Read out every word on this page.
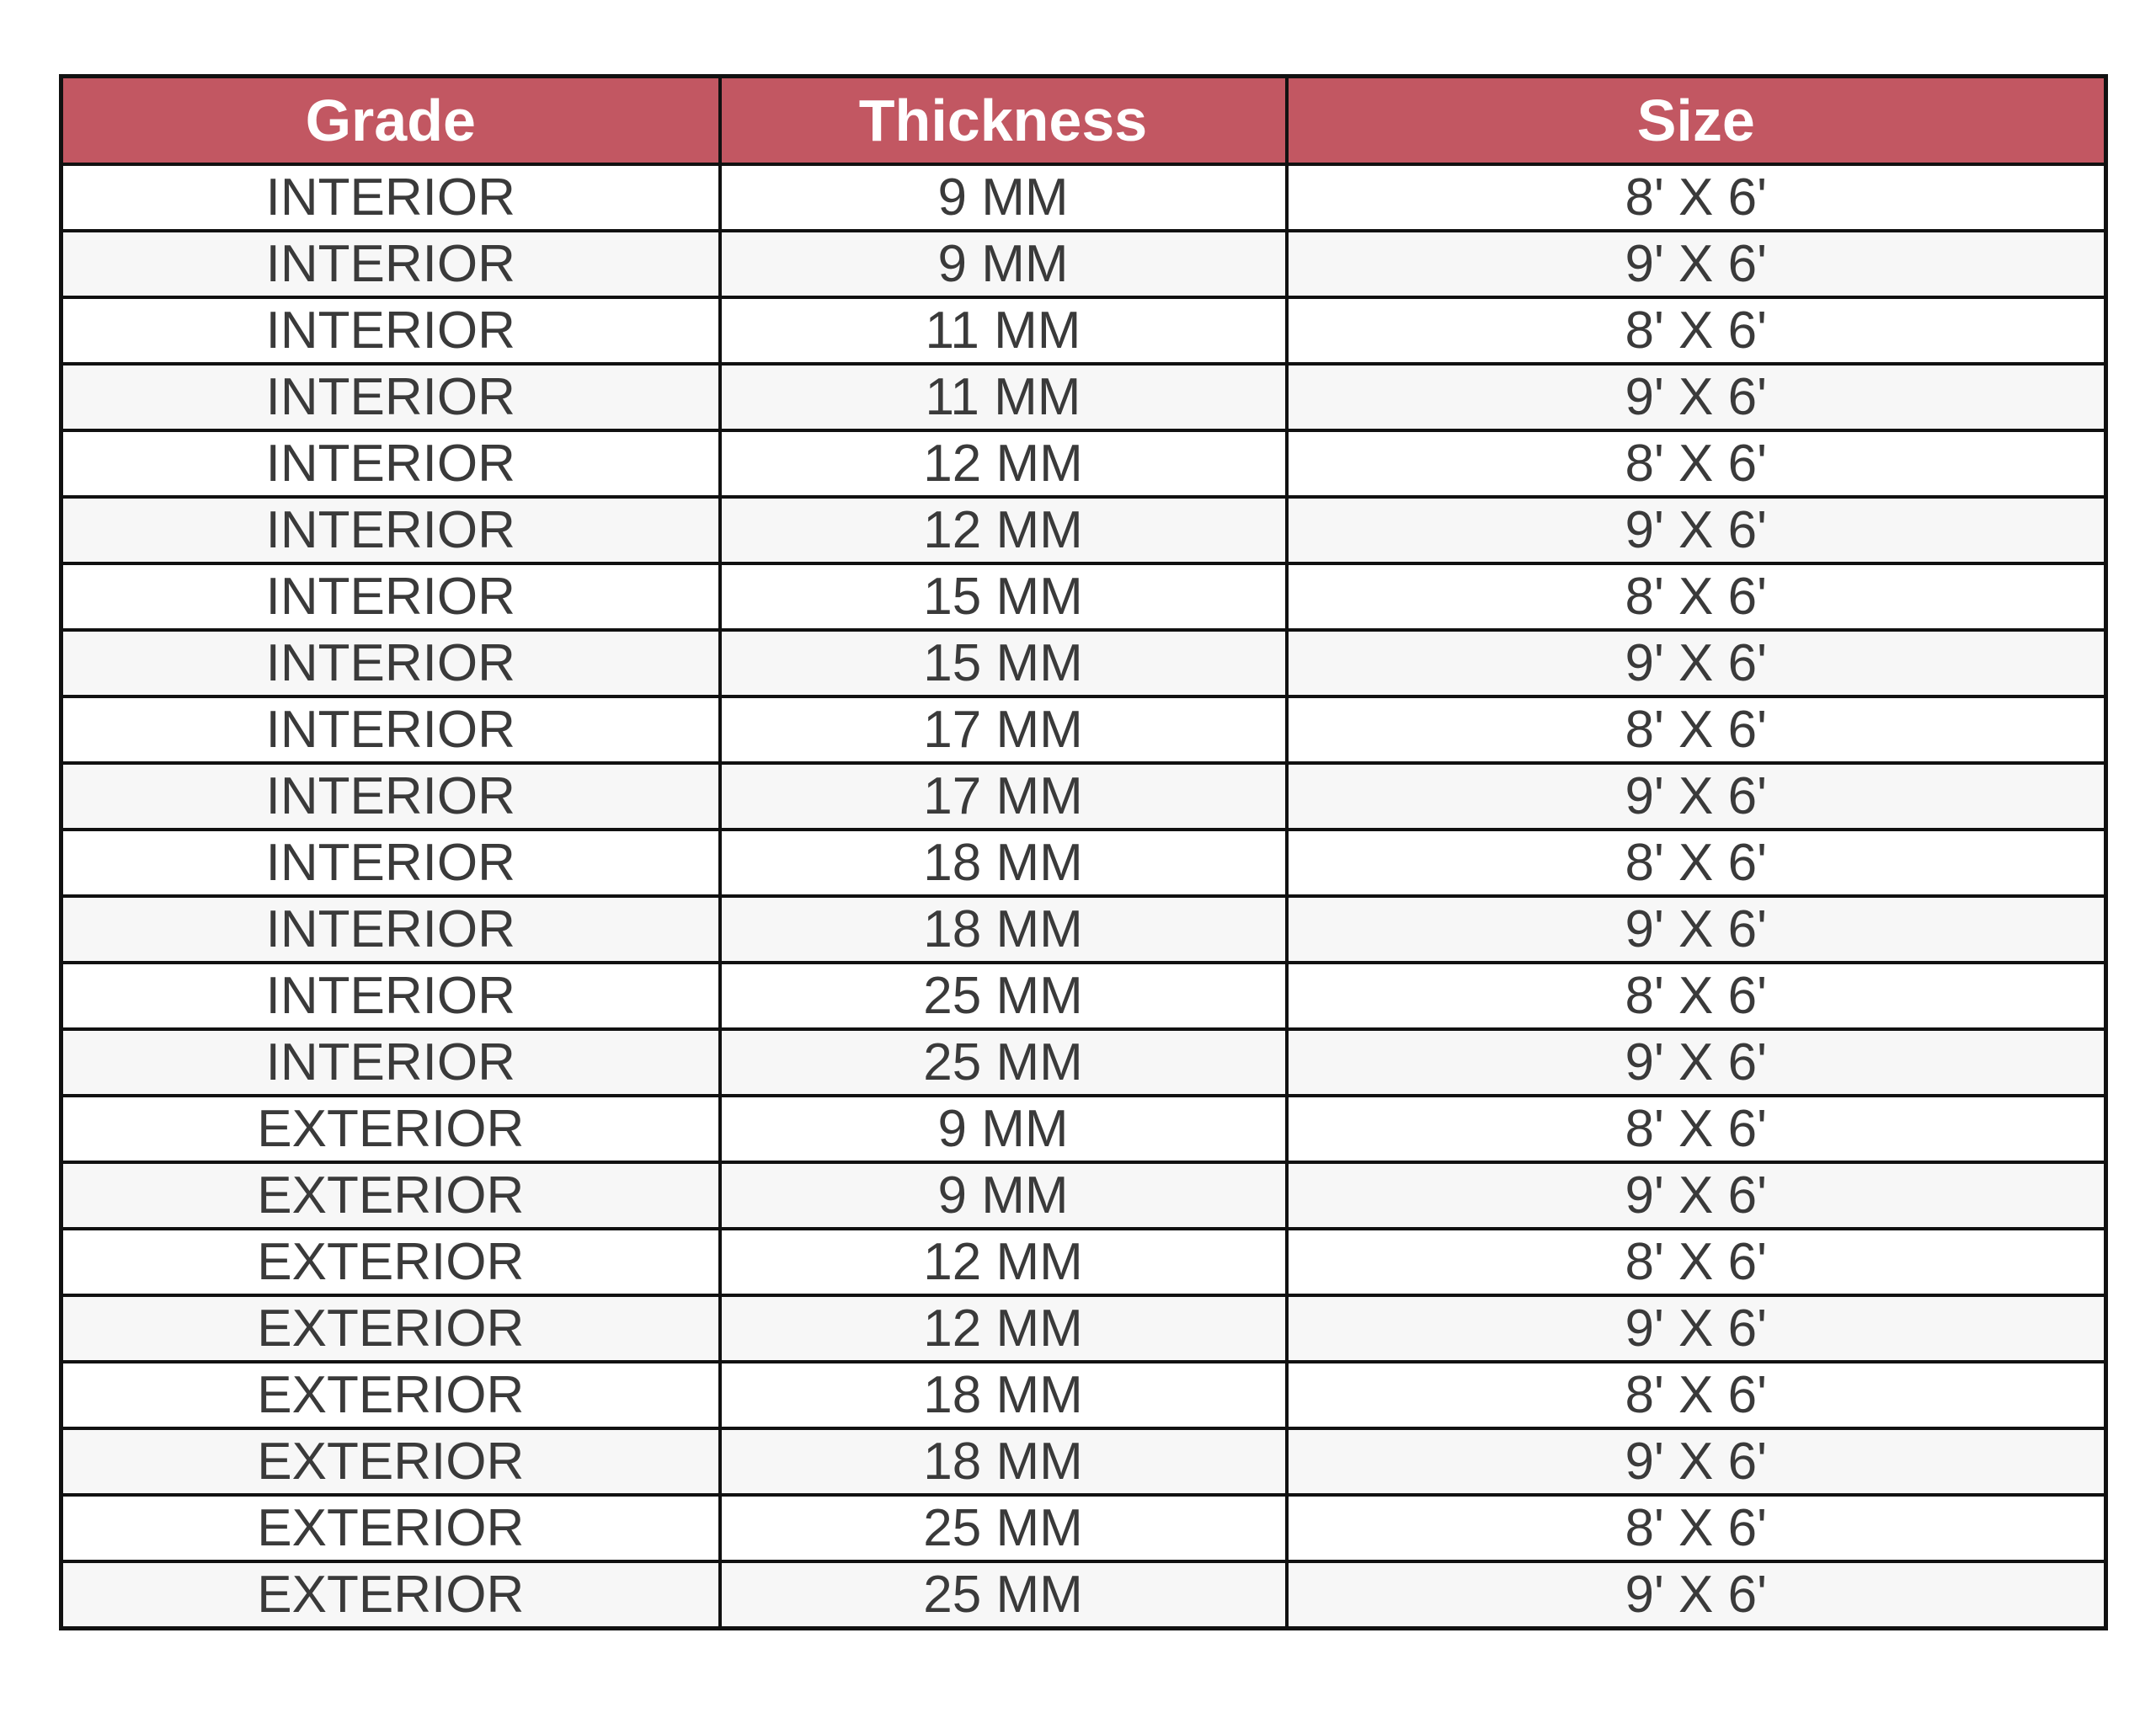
Grade	Thickness	Size
INTERIOR	9 MM	8' X 6'
INTERIOR	9 MM	9' X 6'
INTERIOR	11 MM	8' X 6'
INTERIOR	11 MM	9' X 6'
INTERIOR	12 MM	8' X 6'
INTERIOR	12 MM	9' X 6'
INTERIOR	15 MM	8' X 6'
INTERIOR	15 MM	9' X 6'
INTERIOR	17 MM	8' X 6'
INTERIOR	17 MM	9' X 6'
INTERIOR	18 MM	8' X 6'
INTERIOR	18 MM	9' X 6'
INTERIOR	25 MM	8' X 6'
INTERIOR	25 MM	9' X 6'
EXTERIOR	9 MM	8' X 6'
EXTERIOR	9 MM	9' X 6'
EXTERIOR	12 MM	8' X 6'
EXTERIOR	12 MM	9' X 6'
EXTERIOR	18 MM	8' X 6'
EXTERIOR	18 MM	9' X 6'
EXTERIOR	25 MM	8' X 6'
EXTERIOR	25 MM	9' X 6'
